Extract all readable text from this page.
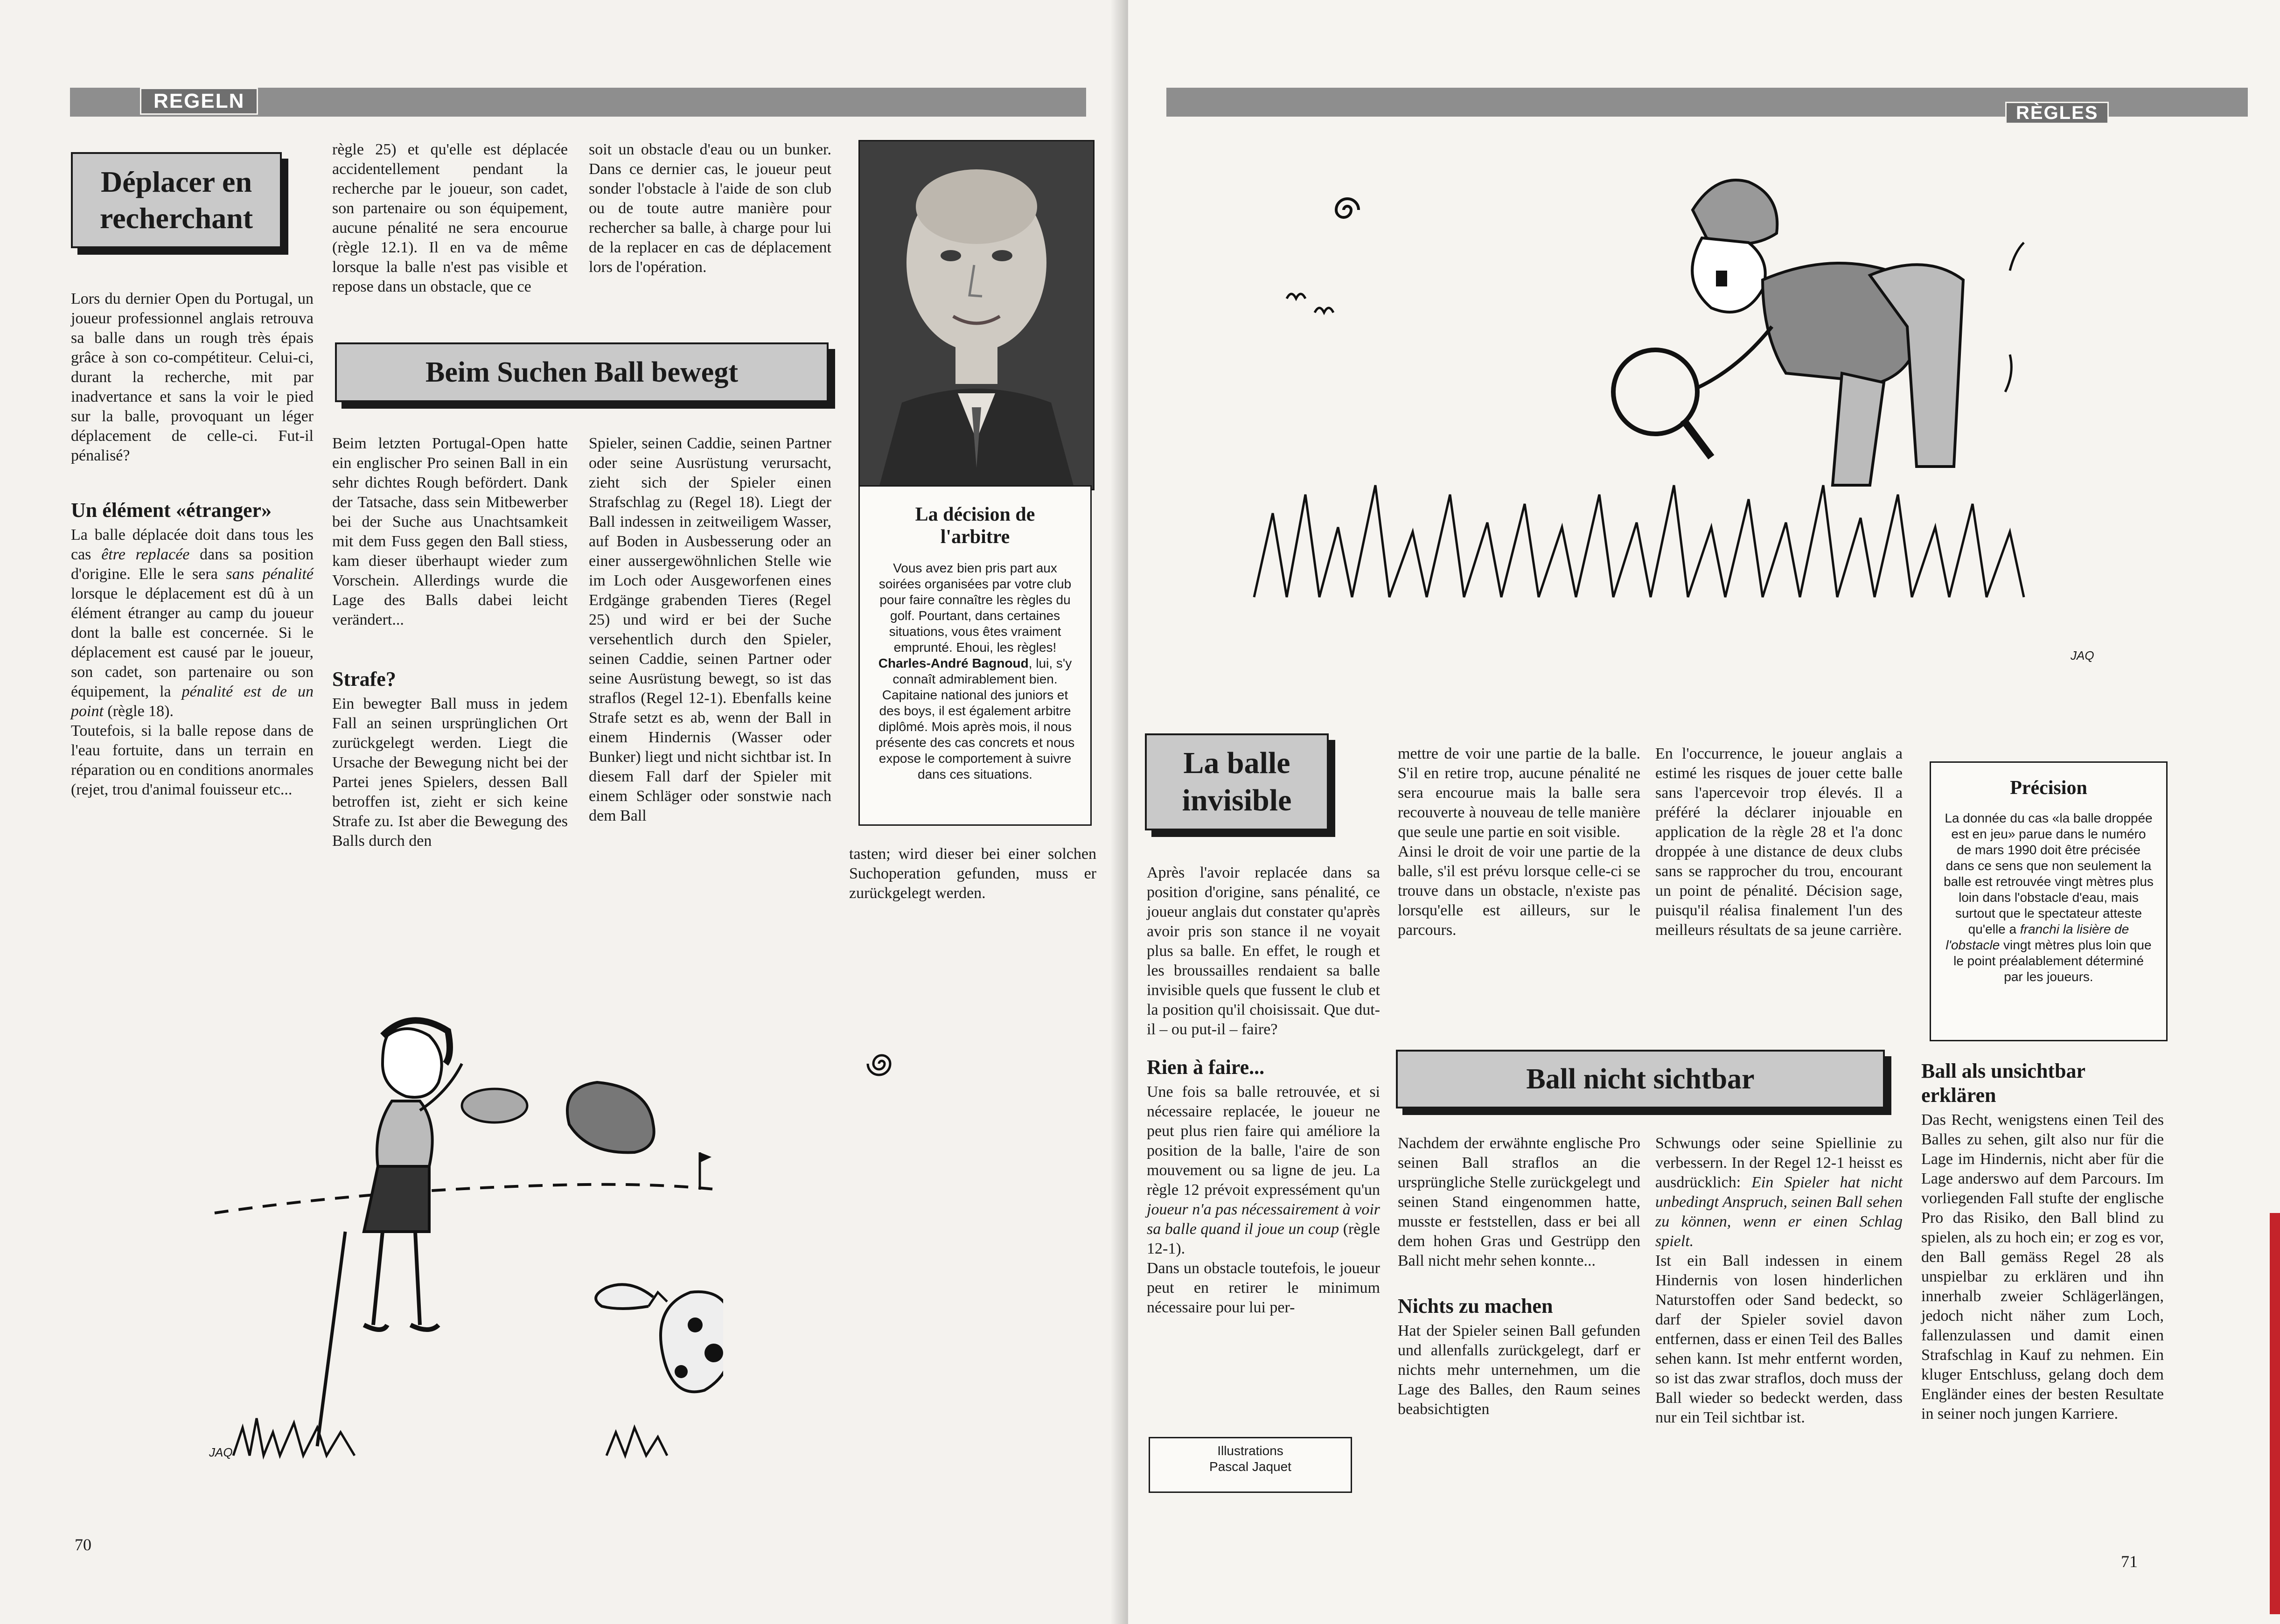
REGELN
Déplacer en recherchant

Lors du dernier Open du Portugal, un joueur professionnel anglais retrouva sa balle dans un rough très épais grâce à son co-compétiteur. Celui-ci, durant la recherche, mit par inadvertance et sans la voir le pied sur la balle, provoquant un léger déplacement de celle-ci. Fut-il pénalisé?

Un élément «étranger»

La balle déplacée doit dans tous les cas être replacée dans sa position d'origine. Elle le sera sans pénalité lorsque le déplacement est dû à un élément étranger au camp du joueur dont la balle est concernée. Si le déplacement est causé par le joueur, son cadet, son partenaire ou son équipement, la pénalité est de un point (règle 18).

Toutefois, si la balle repose dans de l'eau fortuite, dans un terrain en réparation ou en conditions anormales (rejet, trou d'animal fouisseur etc...

règle 25) et qu'elle est déplacée accidentellement pendant la recherche par le joueur, son cadet, son partenaire ou son équipement, aucune pénalité ne sera encourue (règle 12.1). Il en va de même lorsque la balle n'est pas visible et repose dans un obstacle, que ce

soit un obstacle d'eau ou un bunker. Dans ce dernier cas, le joueur peut sonder l'obstacle à l'aide de son club ou de toute autre manière pour rechercher sa balle, à charge pour lui de la replacer en cas de déplacement lors de l'opération.

Beim Suchen Ball bewegt

Beim letzten Portugal-Open hatte ein englischer Pro seinen Ball in ein sehr dichtes Rough befördert. Dank der Tatsache, dass sein Mitbewerber bei der Suche aus Unachtsamkeit mit dem Fuss gegen den Ball stiess, kam dieser überhaupt wieder zum Vorschein. Allerdings wurde die Lage des Balls dabei leicht verändert...

Strafe?

Ein bewegter Ball muss in jedem Fall an seinen ursprünglichen Ort zurückgelegt werden. Liegt die Ursache der Bewegung nicht bei der Partei jenes Spielers, dessen Ball betroffen ist, zieht er sich keine Strafe zu. Ist aber die Bewegung des Balls durch den

Spieler, seinen Caddie, seinen Partner oder seine Ausrüstung verursacht, zieht sich der Spieler einen Strafschlag zu (Regel 18). Liegt der Ball indessen in zeitweiligem Wasser, auf Boden in Ausbesserung oder an einer aussergewöhnlichen Stelle wie im Loch oder Ausgeworfenen eines Erdgänge grabenden Tieres (Regel 25) und wird er bei der Suche versehentlich durch den Spieler, seinen Caddie, seinen Partner oder seine Ausrüstung bewegt, so ist das straflos (Regel 12-1). Ebenfalls keine Strafe setzt es ab, wenn der Ball in einem Hindernis (Wasser oder Bunker) liegt und nicht sichtbar ist. In diesem Fall darf der Spieler mit einem Schläger oder sonstwie nach dem Ball

tasten; wird dieser bei einer solchen Suchoperation gefunden, muss er zurückgelegt werden.

La décision de l'arbitre
Vous avez bien pris part aux soirées organisées par votre club pour faire connaître les règles du golf. Pourtant, dans certaines situations, vous êtes vraiment emprunté. Ehoui, les règles! Charles-André Bagnoud, lui, s'y connaît admirablement bien. Capitaine national des juniors et des boys, il est également arbitre diplômé. Mois après mois, il nous présente des cas concrets et nous expose le comportement à suivre dans ces situations.
JAQ
70
RÈGLES
JAQ
La balle invisible

Après l'avoir replacée dans sa position d'origine, sans pénalité, ce joueur anglais dut constater qu'après avoir pris son stance il ne voyait plus sa balle. En effet, le rough et les broussailles rendaient sa balle invisible quels que fussent le club et la position qu'il choisissait. Que dut-il – ou put-il – faire?

Rien à faire...

Une fois sa balle retrouvée, et si nécessaire replacée, le joueur ne peut plus rien faire qui améliore la position de la balle, l'aire de son mouvement ou sa ligne de jeu. La règle 12 prévoit expressément qu'un joueur n'a pas nécessairement à voir sa balle quand il joue un coup (règle 12-1).

Dans un obstacle toutefois, le joueur peut en retirer le minimum nécessaire pour lui per-

mettre de voir une partie de la balle. S'il en retire trop, aucune pénalité ne sera encourue mais la balle sera recouverte à nouveau de telle manière que seule une partie en soit visible.

Ainsi le droit de voir une partie de la balle, s'il est prévu lorsque celle-ci se trouve dans un obstacle, n'existe pas lorsqu'elle est ailleurs, sur le parcours.

En l'occurrence, le joueur anglais a estimé les risques de jouer cette balle sans l'apercevoir trop élevés. Il a préféré la déclarer injouable en application de la règle 28 et l'a donc droppée à une distance de deux clubs sans se rapprocher du trou, encourant un point de pénalité. Décision sage, puisqu'il réalisa finalement l'un des meilleurs résultats de sa jeune carrière.

Précision
La donnée du cas «la balle droppée est en jeu» parue dans le numéro de mars 1990 doit être précisée dans ce sens que non seulement la balle est retrouvée vingt mètres plus loin dans l'obstacle d'eau, mais surtout que le spectateur atteste qu'elle a franchi la lisière de l'obstacle vingt mètres plus loin que le point préalablement déterminé par les joueurs.
Ball nicht sichtbar
Illustrations
Pascal Jaquet

Nachdem der erwähnte englische Pro seinen Ball straflos an die ursprüngliche Stelle zurückgelegt und seinen Stand eingenommen hatte, musste er feststellen, dass er bei all dem hohen Gras und Gestrüpp den Ball nicht mehr sehen konnte...

Nichts zu machen

Hat der Spieler seinen Ball gefunden und allenfalls zurückgelegt, darf er nichts mehr unternehmen, um die Lage des Balles, den Raum seines beabsichtigten

Schwungs oder seine Spiellinie zu verbessern. In der Regel 12-1 heisst es ausdrücklich: Ein Spieler hat nicht unbedingt Anspruch, seinen Ball sehen zu können, wenn er einen Schlag spielt.

Ist ein Ball indessen in einem Hindernis von losen hinderlichen Naturstoffen oder Sand bedeckt, so darf der Spieler soviel davon entfernen, dass er einen Teil des Balles sehen kann. Ist mehr entfernt worden, so ist das zwar straflos, doch muss der Ball wieder so bedeckt werden, dass nur ein Teil sichtbar ist.

Ball als unsichtbar erklären

Das Recht, wenigstens einen Teil des Balles zu sehen, gilt also nur für die Lage im Hindernis, nicht aber für die Lage anderswo auf dem Parcours. Im vorliegenden Fall stufte der englische Pro das Risiko, den Ball blind zu spielen, als zu hoch ein; er zog es vor, den Ball gemäss Regel 28 als unspielbar zu erklären und ihn innerhalb zweier Schlägerlängen, jedoch nicht näher zum Loch, fallenzulassen und damit einen Strafschlag in Kauf zu nehmen. Ein kluger Entschluss, gelang doch dem Engländer eines der besten Resultate in seiner noch jungen Karriere.

71
